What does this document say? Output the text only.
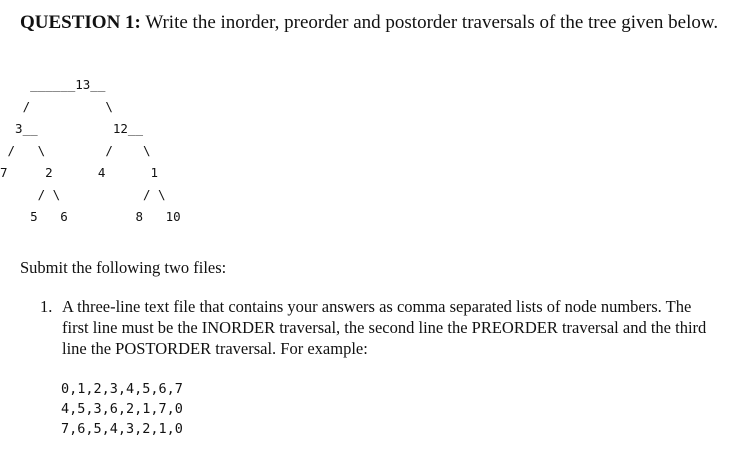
QUESTION 1: Write the inorder, preorder and postorder traversals of the tree given below.
______13__
/          \
3__          12__
/   \        /    \
7     2      4      1
/ \           / \
5   6         8   10
Submit the following two files:
1. A three-line text file that contains your answers as comma separated lists of node numbers. The first line must be the INORDER traversal, the second line the PREORDER traversal and the third line the POSTORDER traversal. For example:
0,1,2,3,4,5,6,7
4,5,3,6,2,1,7,0
7,6,5,4,3,2,1,0
